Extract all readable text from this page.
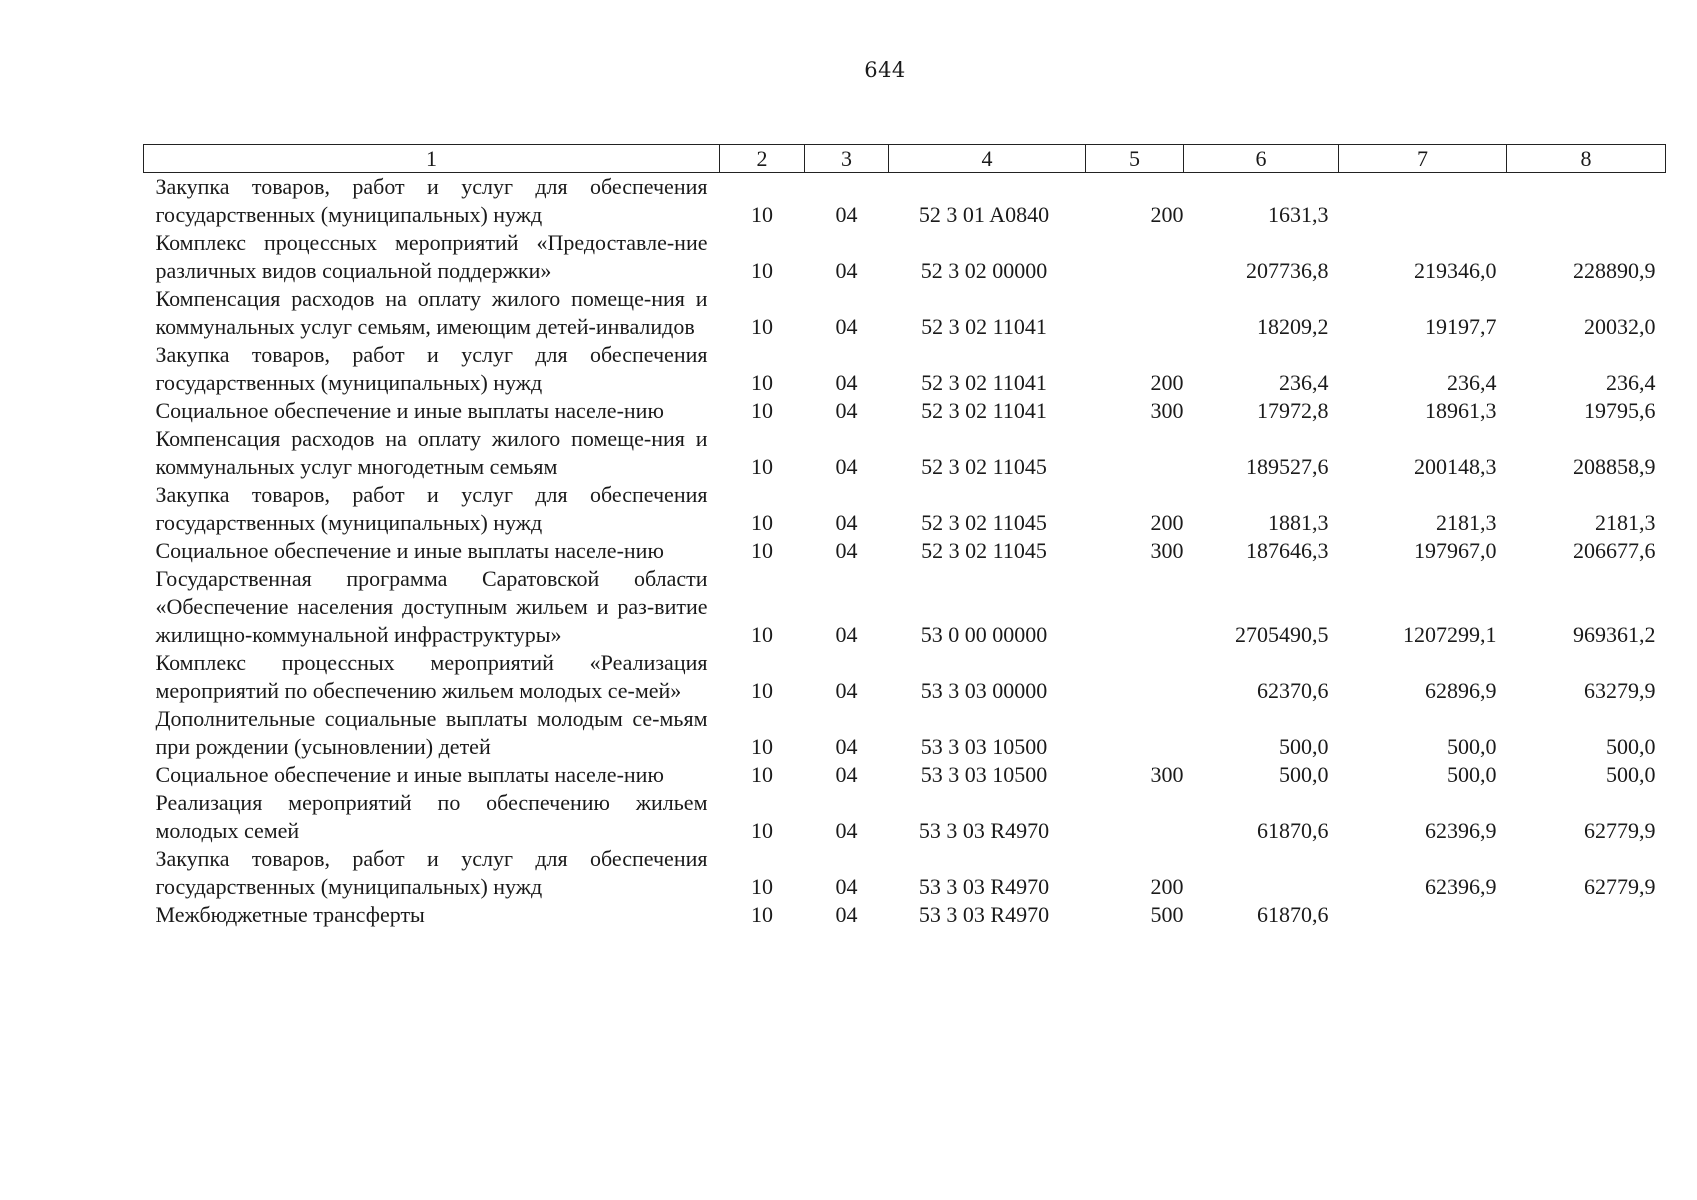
644
1	2	3	4	5	6	7	8
Закупка товаров, работ и услуг для обеспечения государственных (муниципальных) нужд	10	04	52 3 01 A0840	200	1631,3		
Комплекс процессных мероприятий «Предоставле-ние различных видов социальной поддержки»	10	04	52 3 02 00000		207736,8	219346,0	228890,9
Компенсация расходов на оплату жилого помеще-ния и коммунальных услуг семьям, имеющим детей-инвалидов	10	04	52 3 02 11041		18209,2	19197,7	20032,0
Закупка товаров, работ и услуг для обеспечения государственных (муниципальных) нужд	10	04	52 3 02 11041	200	236,4	236,4	236,4
Социальное обеспечение и иные выплаты населе-нию	10	04	52 3 02 11041	300	17972,8	18961,3	19795,6
Компенсация расходов на оплату жилого помеще-ния и коммунальных услуг многодетным семьям	10	04	52 3 02 11045		189527,6	200148,3	208858,9
Закупка товаров, работ и услуг для обеспечения государственных (муниципальных) нужд	10	04	52 3 02 11045	200	1881,3	2181,3	2181,3
Социальное обеспечение и иные выплаты населе-нию	10	04	52 3 02 11045	300	187646,3	197967,0	206677,6
Государственная программа Саратовской области «Обеспечение населения доступным жильем и раз-витие жилищно-коммунальной инфраструктуры»	10	04	53 0 00 00000		2705490,5	1207299,1	969361,2
Комплекс процессных мероприятий «Реализация мероприятий по обеспечению жильем молодых се-мей»	10	04	53 3 03 00000		62370,6	62896,9	63279,9
Дополнительные социальные выплаты молодым се-мьям при рождении (усыновлении) детей	10	04	53 3 03 10500		500,0	500,0	500,0
Социальное обеспечение и иные выплаты населе-нию	10	04	53 3 03 10500	300	500,0	500,0	500,0
Реализация мероприятий по обеспечению жильем молодых семей	10	04	53 3 03 R4970		61870,6	62396,9	62779,9
Закупка товаров, работ и услуг для обеспечения государственных (муниципальных) нужд	10	04	53 3 03 R4970	200		62396,9	62779,9
Межбюджетные трансферты	10	04	53 3 03 R4970	500	61870,6		
